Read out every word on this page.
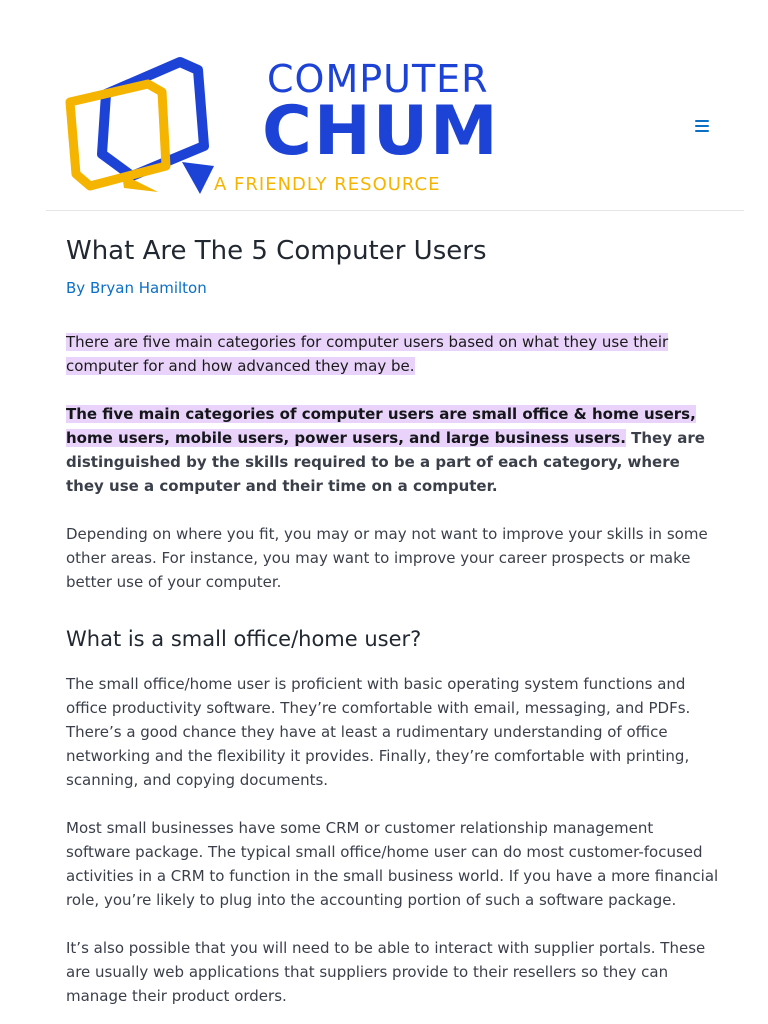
COMPUTER
CHUM
A FRIENDLY RESOURCE
What Are The 5 Computer Users
By Bryan Hamilton

There are five main categories for computer users based on what they use their computer for and how advanced they may be.

The five main categories of computer users are small office & home users, home users, mobile users, power users, and large business users. They are distinguished by the skills required to be a part of each category, where they use a computer and their time on a computer.

Depending on where you fit, you may or may not want to improve your skills in some other areas. For instance, you may want to improve your career prospects or make better use of your computer.

What is a small office/home user?

The small office/home user is proficient with basic operating system functions and office productivity software. They’re comfortable with email, messaging, and PDFs. There’s a good chance they have at least a rudimentary understanding of office networking and the flexibility it provides. Finally, they’re comfortable with printing, scanning, and copying documents.

Most small businesses have some CRM or customer relationship management software package. The typical small office/home user can do most customer-focused activities in a CRM to function in the small business world. If you have a more financial role, you’re likely to plug into the accounting portion of such a software package.

It’s also possible that you will need to be able to interact with supplier portals. These are usually web applications that suppliers provide to their resellers so they can manage their product orders.
